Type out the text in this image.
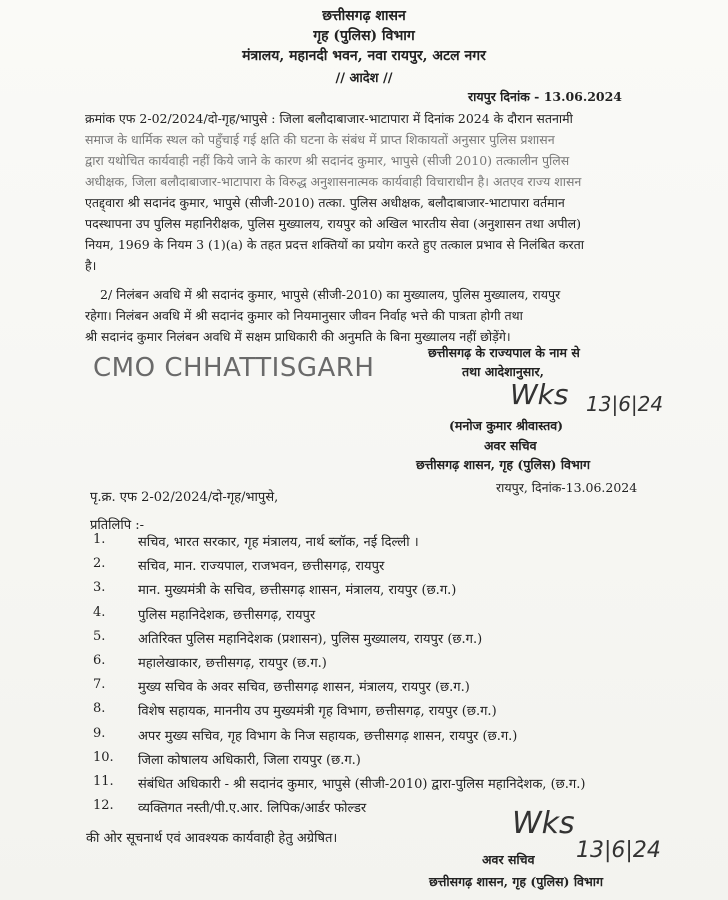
छत्तीसगढ़ शासन
गृह (पुलिस) विभाग
मंत्रालय, महानदी भवन, नवा रायपुर, अटल नगर
// आदेश //
रायपुर दिनांक - 13.06.2024
क्रमांक एफ 2-02/2024/दो-गृह/भापुसे : जिला बलौदाबाजार-भाटापारा में दिनांक 2024 के दौरान सतनामी
समाज के धार्मिक स्थल को पहुँचाई गई क्षति की घटना के संबंध में प्राप्त शिकायतों अनुसार पुलिस प्रशासन
द्वारा यथोचित कार्यवाही नहीं किये जाने के कारण श्री सदानंद कुमार, भापुसे (सीजी 2010) तत्कालीन पुलिस
अधीक्षक, जिला बलौदाबाजार-भाटापारा के विरुद्ध अनुशासनात्मक कार्यवाही विचाराधीन है। अतएव राज्य शासन
एतद्द्वारा श्री सदानंद कुमार, भापुसे (सीजी-2010) तत्का. पुलिस अधीक्षक, बलौदाबाजार-भाटापारा वर्तमान
पदस्थापना उप पुलिस महानिरीक्षक, पुलिस मुख्यालय, रायपुर को अखिल भारतीय सेवा (अनुशासन तथा अपील)
नियम, 1969 के नियम 3 (1)(a) के तहत प्रदत्त शक्तियों का प्रयोग करते हुए तत्काल प्रभाव से निलंबित करता
है।
2/ निलंबन अवधि में श्री सदानंद कुमार, भापुसे (सीजी-2010) का मुख्यालय, पुलिस मुख्यालय, रायपुर
रहेगा। निलंबन अवधि में श्री सदानंद कुमार को नियमानुसार जीवन निर्वाह भत्ते की पात्रता होगी तथा
श्री सदानंद कुमार निलंबन अवधि में सक्षम प्राधिकारी की अनुमति के बिना मुख्यालय नहीं छोड़ेंगे।
CMO CHHATTISGARH
छत्तीसगढ़ के राज्यपाल के नाम से
तथा आदेशानुसार,
Wks 13|6|24
(मनोज कुमार श्रीवास्तव)
अवर सचिव
छत्तीसगढ़ शासन, गृह (पुलिस) विभाग
रायपुर, दिनांक-13.06.2024
पृ.क्र. एफ 2-02/2024/दो-गृह/भापुसे,
प्रतिलिपि :-
1.	सचिव, भारत सरकार, गृह मंत्रालय, नार्थ ब्लॉक, नई दिल्ली ।
2.	सचिव, मान. राज्यपाल, राजभवन, छत्तीसगढ़, रायपुर
3.	मान. मुख्यमंत्री के सचिव, छत्तीसगढ़ शासन, मंत्रालय, रायपुर (छ.ग.)
4.	पुलिस महानिदेशक, छत्तीसगढ़, रायपुर
5.	अतिरिक्त पुलिस महानिदेशक (प्रशासन), पुलिस मुख्यालय, रायपुर (छ.ग.)
6.	महालेखाकार, छत्तीसगढ़, रायपुर (छ.ग.)
7.	मुख्य सचिव के अवर सचिव, छत्तीसगढ़ शासन, मंत्रालय, रायपुर (छ.ग.)
8.	विशेष सहायक, माननीय उप मुख्यमंत्री गृह विभाग, छत्तीसगढ़, रायपुर (छ.ग.)
9.	अपर मुख्य सचिव, गृह विभाग के निज सहायक, छत्तीसगढ़ शासन, रायपुर (छ.ग.)
10. जिला कोषालय अधिकारी, जिला रायपुर (छ.ग.)
11. संबंधित अधिकारी - श्री सदानंद कुमार, भापुसे (सीजी-2010) द्वारा-पुलिस महानिदेशक, (छ.ग.)
12. व्यक्तिगत नस्ती/पी.ए.आर. लिपिक/आर्डर फोल्डर
की ओर सूचनार्थ एवं आवश्यक कार्यवाही हेतु अग्रेषित।	Wks
13|6|24
अवर सचिव
छत्तीसगढ़ शासन, गृह (पुलिस) विभाग
